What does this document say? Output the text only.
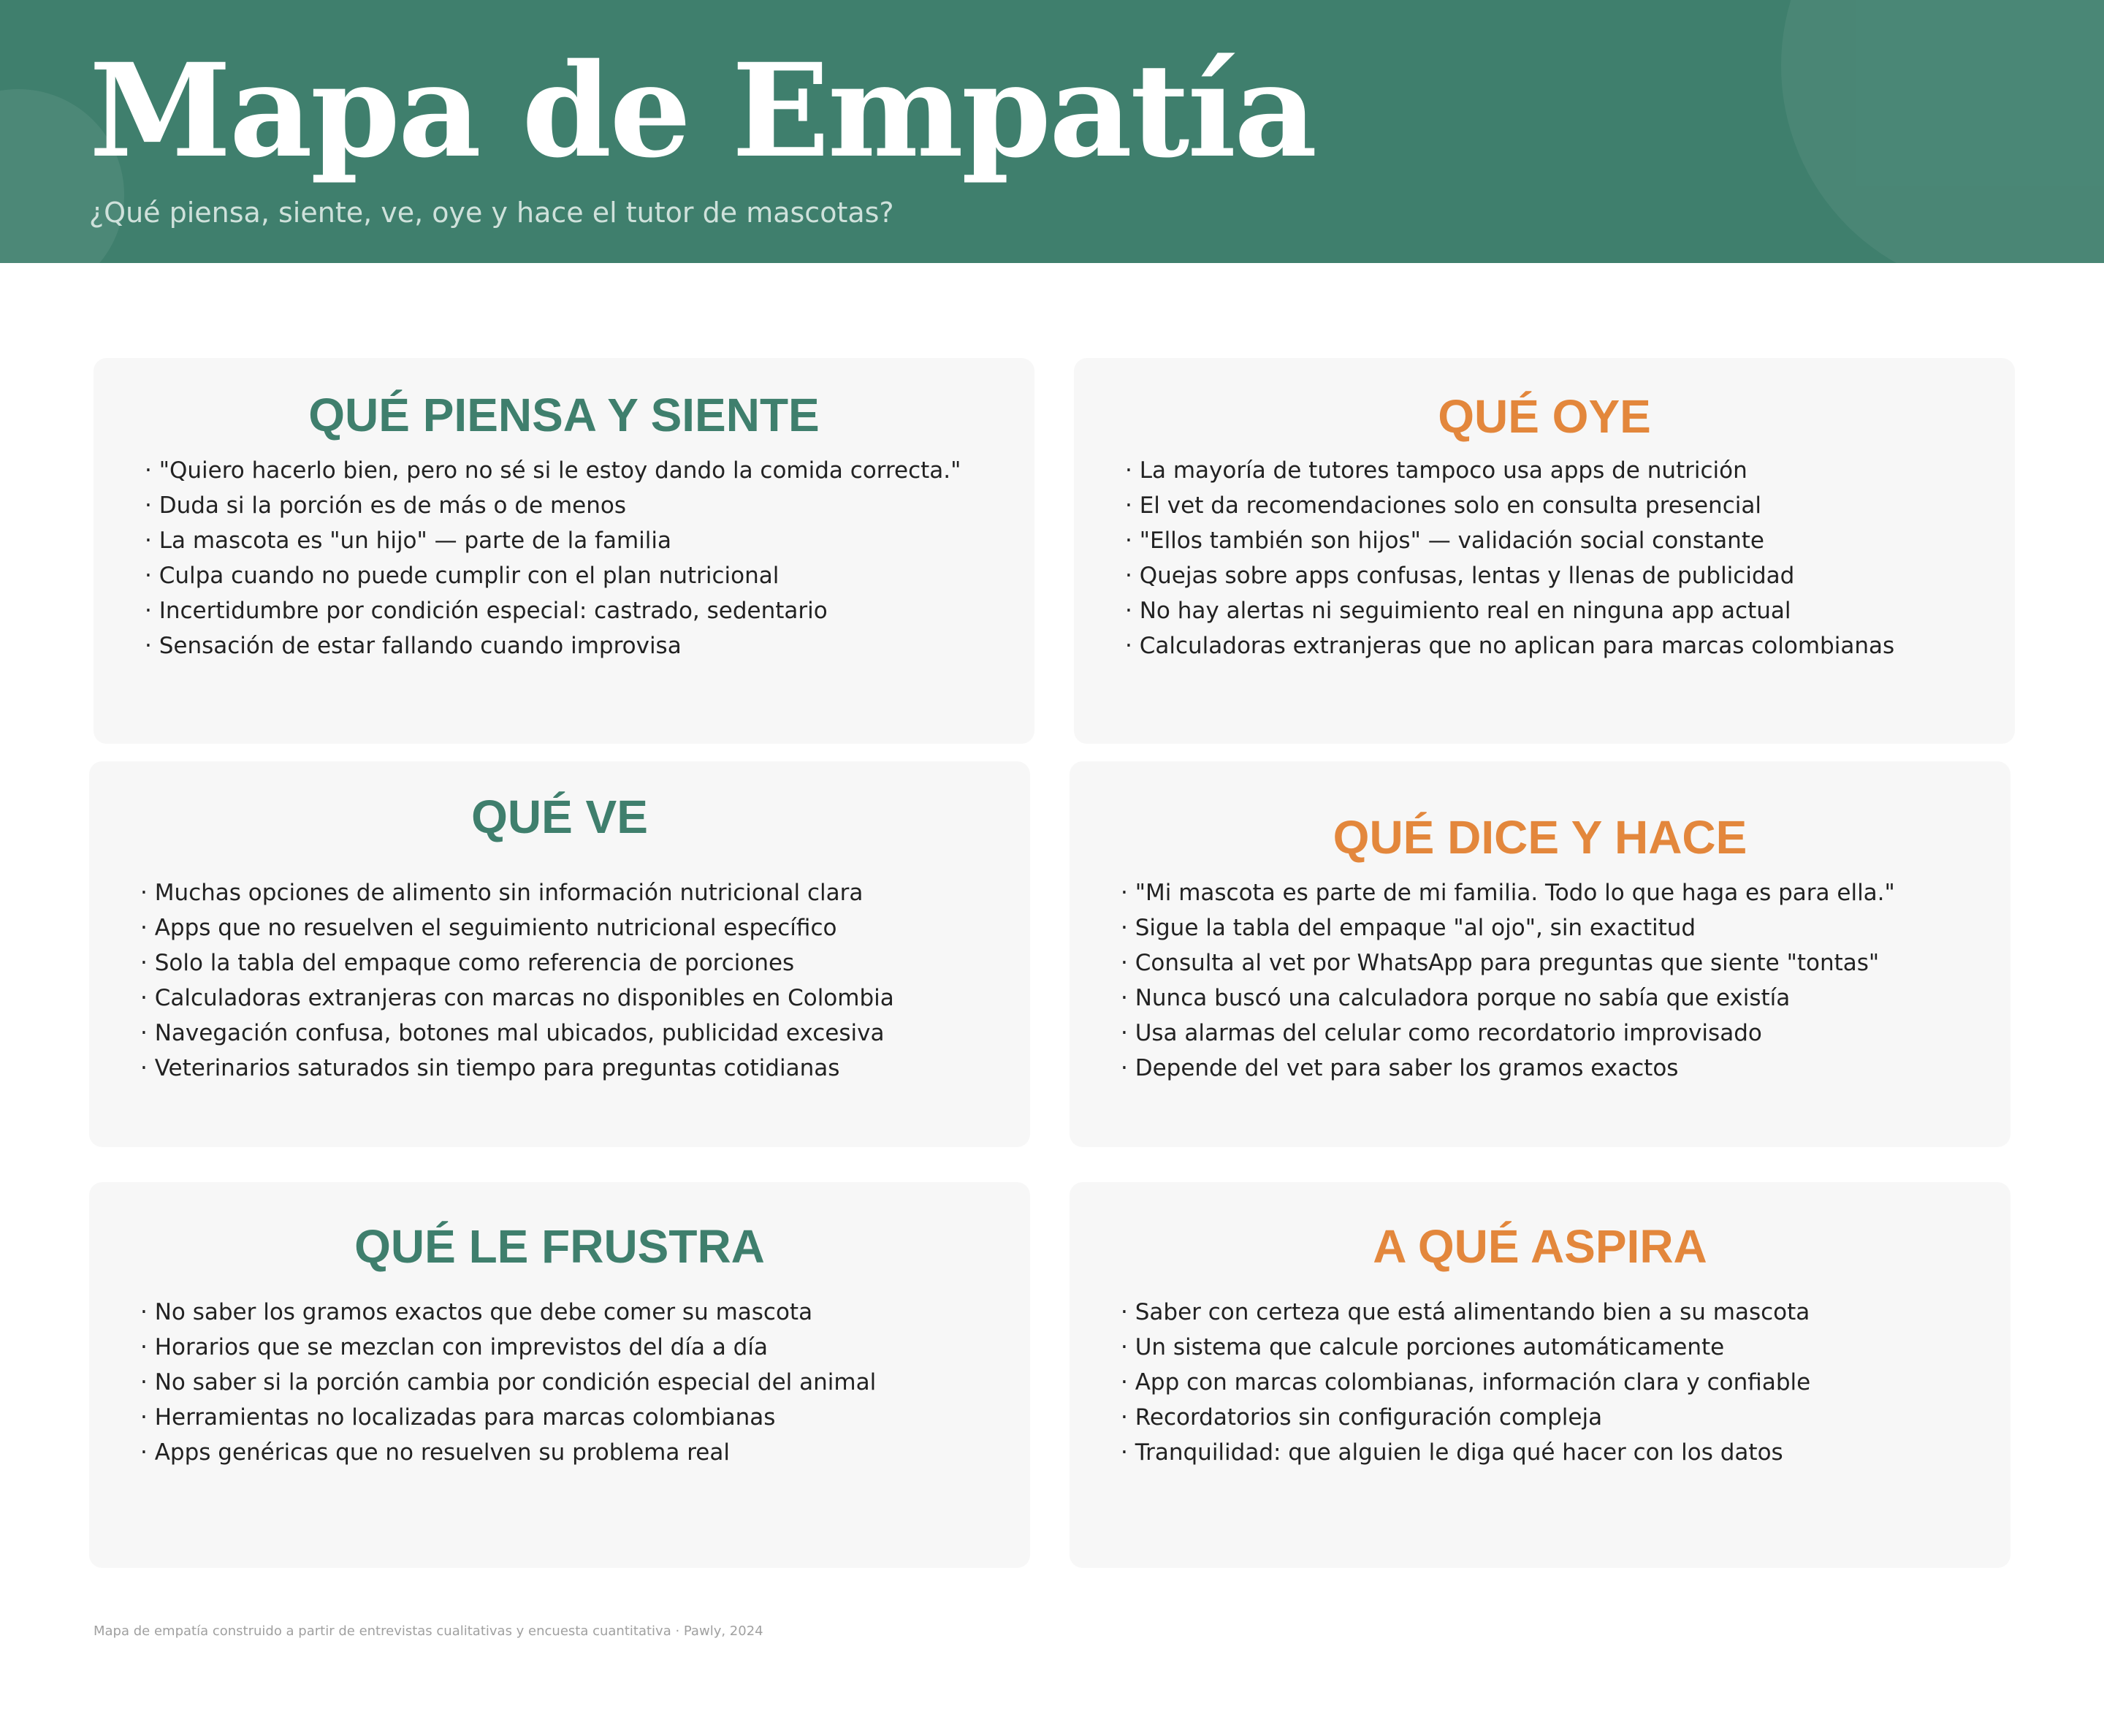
Mapa de Empatía
¿Qué piensa, siente, ve, oye y hace el tutor de mascotas?
QUÉ PIENSA Y SIENTE
· "Quiero hacerlo bien, pero no sé si le estoy dando la comida correcta."
· Duda si la porción es de más o de menos
· La mascota es "un hijo" — parte de la familia
· Culpa cuando no puede cumplir con el plan nutricional
· Incertidumbre por condición especial: castrado, sedentario
· Sensación de estar fallando cuando improvisa
QUÉ OYE
· La mayoría de tutores tampoco usa apps de nutrición
· El vet da recomendaciones solo en consulta presencial
· "Ellos también son hijos" — validación social constante
· Quejas sobre apps confusas, lentas y llenas de publicidad
· No hay alertas ni seguimiento real en ninguna app actual
· Calculadoras extranjeras que no aplican para marcas colombianas
QUÉ VE
· Muchas opciones de alimento sin información nutricional clara
· Apps que no resuelven el seguimiento nutricional específico
· Solo la tabla del empaque como referencia de porciones
· Calculadoras extranjeras con marcas no disponibles en Colombia
· Navegación confusa, botones mal ubicados, publicidad excesiva
· Veterinarios saturados sin tiempo para preguntas cotidianas
QUÉ DICE Y HACE
· "Mi mascota es parte de mi familia. Todo lo que haga es para ella."
· Sigue la tabla del empaque "al ojo", sin exactitud
· Consulta al vet por WhatsApp para preguntas que siente "tontas"
· Nunca buscó una calculadora porque no sabía que existía
· Usa alarmas del celular como recordatorio improvisado
· Depende del vet para saber los gramos exactos
QUÉ LE FRUSTRA
· No saber los gramos exactos que debe comer su mascota
· Horarios que se mezclan con imprevistos del día a día
· No saber si la porción cambia por condición especial del animal
· Herramientas no localizadas para marcas colombianas
· Apps genéricas que no resuelven su problema real
A QUÉ ASPIRA
· Saber con certeza que está alimentando bien a su mascota
· Un sistema que calcule porciones automáticamente
· App con marcas colombianas, información clara y confiable
· Recordatorios sin configuración compleja
· Tranquilidad: que alguien le diga qué hacer con los datos
Mapa de empatía construido a partir de entrevistas cualitativas y encuesta cuantitativa · Pawly, 2024
